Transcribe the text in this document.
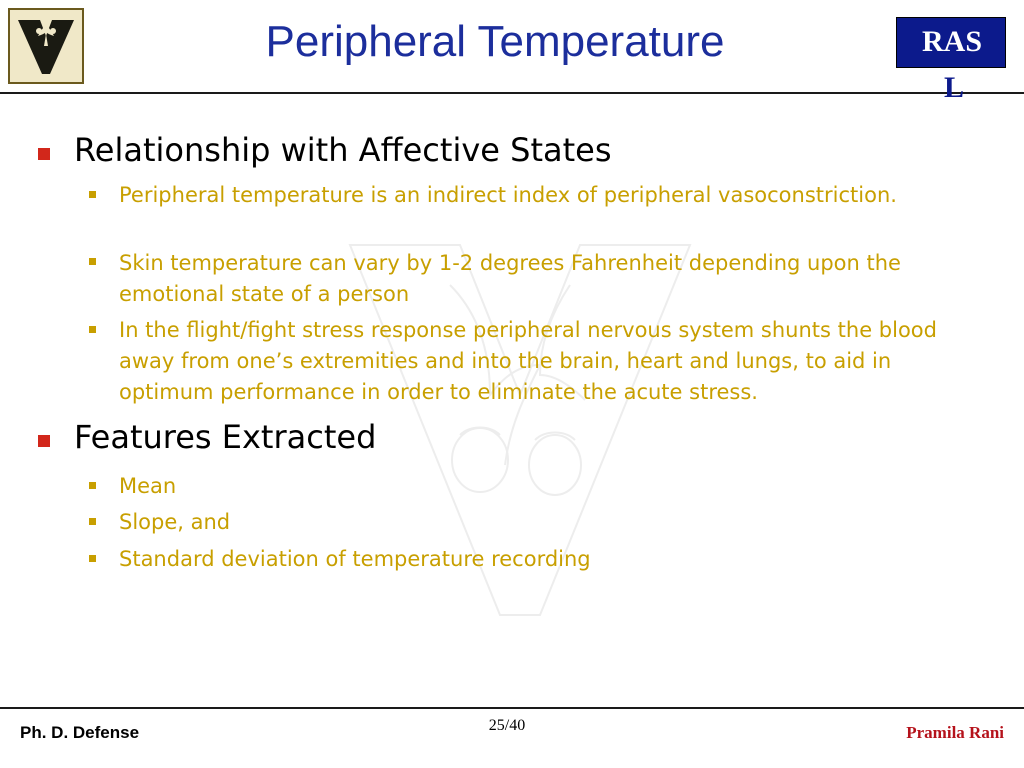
Peripheral Temperature	RAS
L
Relationship with Affective States
Peripheral temperature is an indirect index of peripheral vasoconstriction.
Skin temperature can vary by 1-2 degrees Fahrenheit depending upon the emotional state of a person
In the flight/fight stress response peripheral nervous system shunts the blood away from one’s extremities and into the brain, heart and lungs, to aid in optimum performance in order to eliminate the acute stress.
Features Extracted
Mean
Slope, and
Standard deviation of temperature recording
Ph. D. Defense	25/40	Pramila Rani
